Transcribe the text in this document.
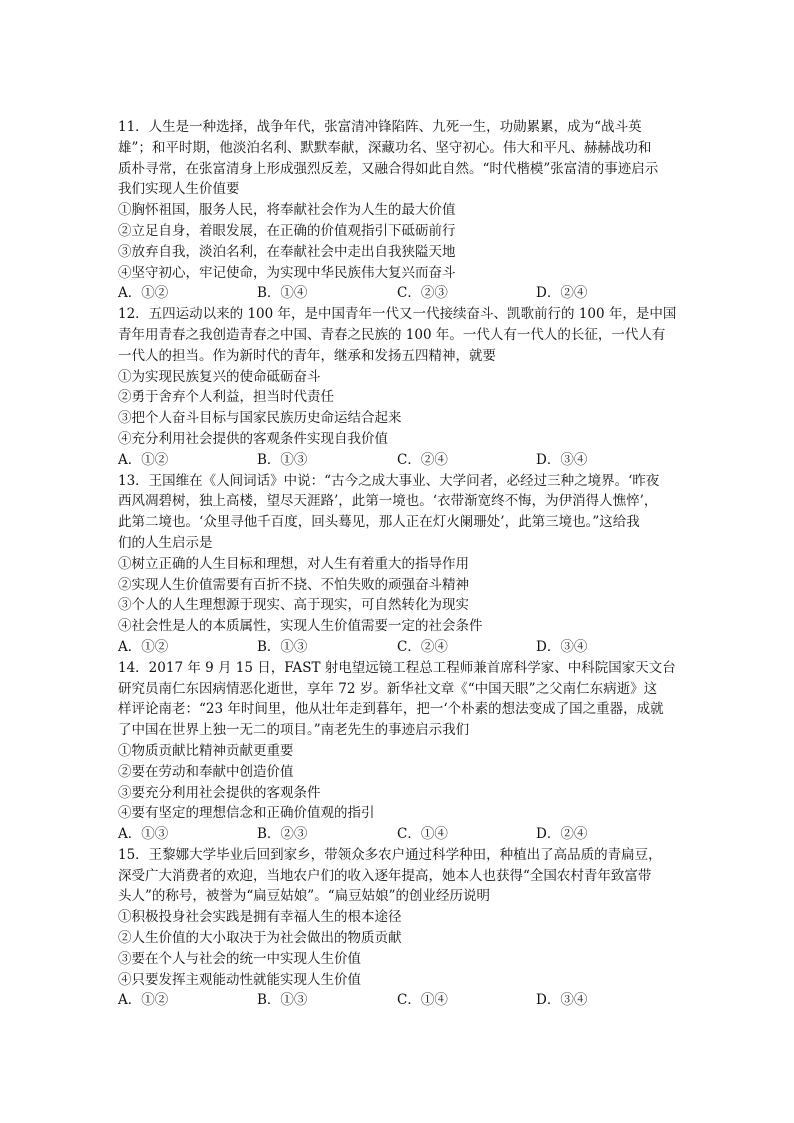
11．人生是一种选择，战争年代，张富清冲锋陷阵、九死一生，功勋累累，成为“战斗英
雄”；和平时期，他淡泊名利、默默奉献，深藏功名、坚守初心。伟大和平凡、赫赫战功和
质朴寻常，在张富清身上形成强烈反差，又融合得如此自然。“时代楷模”张富清的事迹启示
我们实现人生价值要
①胸怀祖国，服务人民，将奉献社会作为人生的最大价值
②立足自身，着眼发展，在正确的价值观指引下砥砺前行
③放弃自我，淡泊名利，在奉献社会中走出自我狭隘天地
④坚守初心，牢记使命，为实现中华民族伟大复兴而奋斗
A．①②	B．①④	C．②③	D．②④
12．五四运动以来的 100 年，是中国青年一代又一代接续奋斗、凯歌前行的 100 年，是中国
青年用青春之我创造青春之中国、青春之民族的 100 年。一代人有一代人的长征，一代人有
一代人的担当。作为新时代的青年，继承和发扬五四精神，就要
①为实现民族复兴的使命砥砺奋斗
②勇于舍弃个人利益，担当时代责任
③把个人奋斗目标与国家民族历史命运结合起来
④充分利用社会提供的客观条件实现自我价值
A．①②	B．①③	C．②④	D．③④
13．王国维在《人间词话》中说：“古今之成大事业、大学问者，必经过三种之境界。‘昨夜
西风凋碧树，独上高楼，望尽天涯路’，此第一境也。‘衣带渐宽终不悔，为伊消得人憔悴’，
此第二境也。‘众里寻他千百度，回头蓦见，那人正在灯火阑珊处’，此第三境也。”这给我
们的人生启示是
①树立正确的人生目标和理想，对人生有着重大的指导作用
②实现人生价值需要有百折不挠、不怕失败的顽强奋斗精神
③个人的人生理想源于现实、高于现实，可自然转化为现实
④社会性是人的本质属性，实现人生价值需要一定的社会条件
A．①②	B．①③	C．②④	D．③④
14．2017 年 9 月 15 日，FAST 射电望远镜工程总工程师兼首席科学家、中科院国家天文台
研究员南仁东因病情恶化逝世，享年 72 岁。新华社文章《“中国天眼”之父南仁东病逝》这
样评论南老：“23 年时间里，他从壮年走到暮年，把一‘个朴素的想法变成了国之重器，成就
了中国在世界上独一无二的项目。”南老先生的事迹启示我们
①物质贡献比精神贡献更重要
②要在劳动和奉献中创造价值
③要充分利用社会提供的客观条件
④要有坚定的理想信念和正确价值观的指引
A．①③	B．②③	C．①④	D．②④
15．王黎娜大学毕业后回到家乡，带领众多农户通过科学种田，种植出了高品质的青扁豆，
深受广大消费者的欢迎，当地农户们的收入逐年提高，她本人也获得“全国农村青年致富带
头人”的称号，被誉为“扁豆姑娘”。“扁豆姑娘”的创业经历说明
①积极投身社会实践是拥有幸福人生的根本途径
②人生价值的大小取决于为社会做出的物质贡献
③要在个人与社会的统一中实现人生价值
④只要发挥主观能动性就能实现人生价值
A．①②	B．①③	C．①④	D．③④
